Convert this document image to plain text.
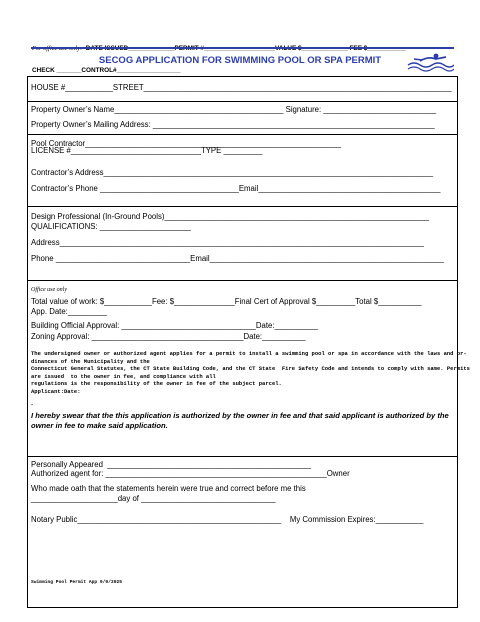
CHECK _______CONTROL#__________________

SECOG APPLICATION FOR SWIMMING POOL OR SPA PERMIT
HOUSE #___________STREET_______________________________________________________________________
Property Owner’s Name_______________________________________ Signature: __________________________
Property Owner’s Mailing Address: _________________________________________________________________
Pool Contractor___________________________________________________________
LICENSE #______________________________TYPE _________
Contractor’s Address____________________________________________________________________________
Contractor’s Phone ________________________________Email__________________________________________
Design Professional (In-Ground Pools)_____________________________________________________________
QUALIFICATIONS: _____________________
Address____________________________________________________________________________________
Phone _______________________________Email______________________________________________________
Office use only
Total value of work: $___________Fee: $______________Final Cert of Approval $_________Total $__________
App. Date:_________
Building Official Approval: _______________________________Date:__________
Zoning Approval: ___________________________________Date:__________
The undersigned owner or authorized agent applies for a permit to install a swimming pool or spa in accordance with the laws and or-
dinances of the Municipality and the
Connecticut General Statutes, the CT State Building Code, and the CT State  Fire Safety Code and intends to comply with same. Permits
are issued  to the owner in fee, and compliance with all
regulations is the responsibility of the owner in fee of the subject parcel.
Applicant:Date:
-
I hereby swear that the this application is authorized by the owner in fee and that said applicant is authorized by the
owner in fee to make said application.
Personally Appeared  _______________________________________________
Authorized agent for: ___________________________________________________Owner
Who made oath that the statements herein were true and correct before me this
____________________day of _______________________________
Notary Public_______________________________________________    My Commission Expires:___________
Swimming Pool Permit App 9/9/2025
